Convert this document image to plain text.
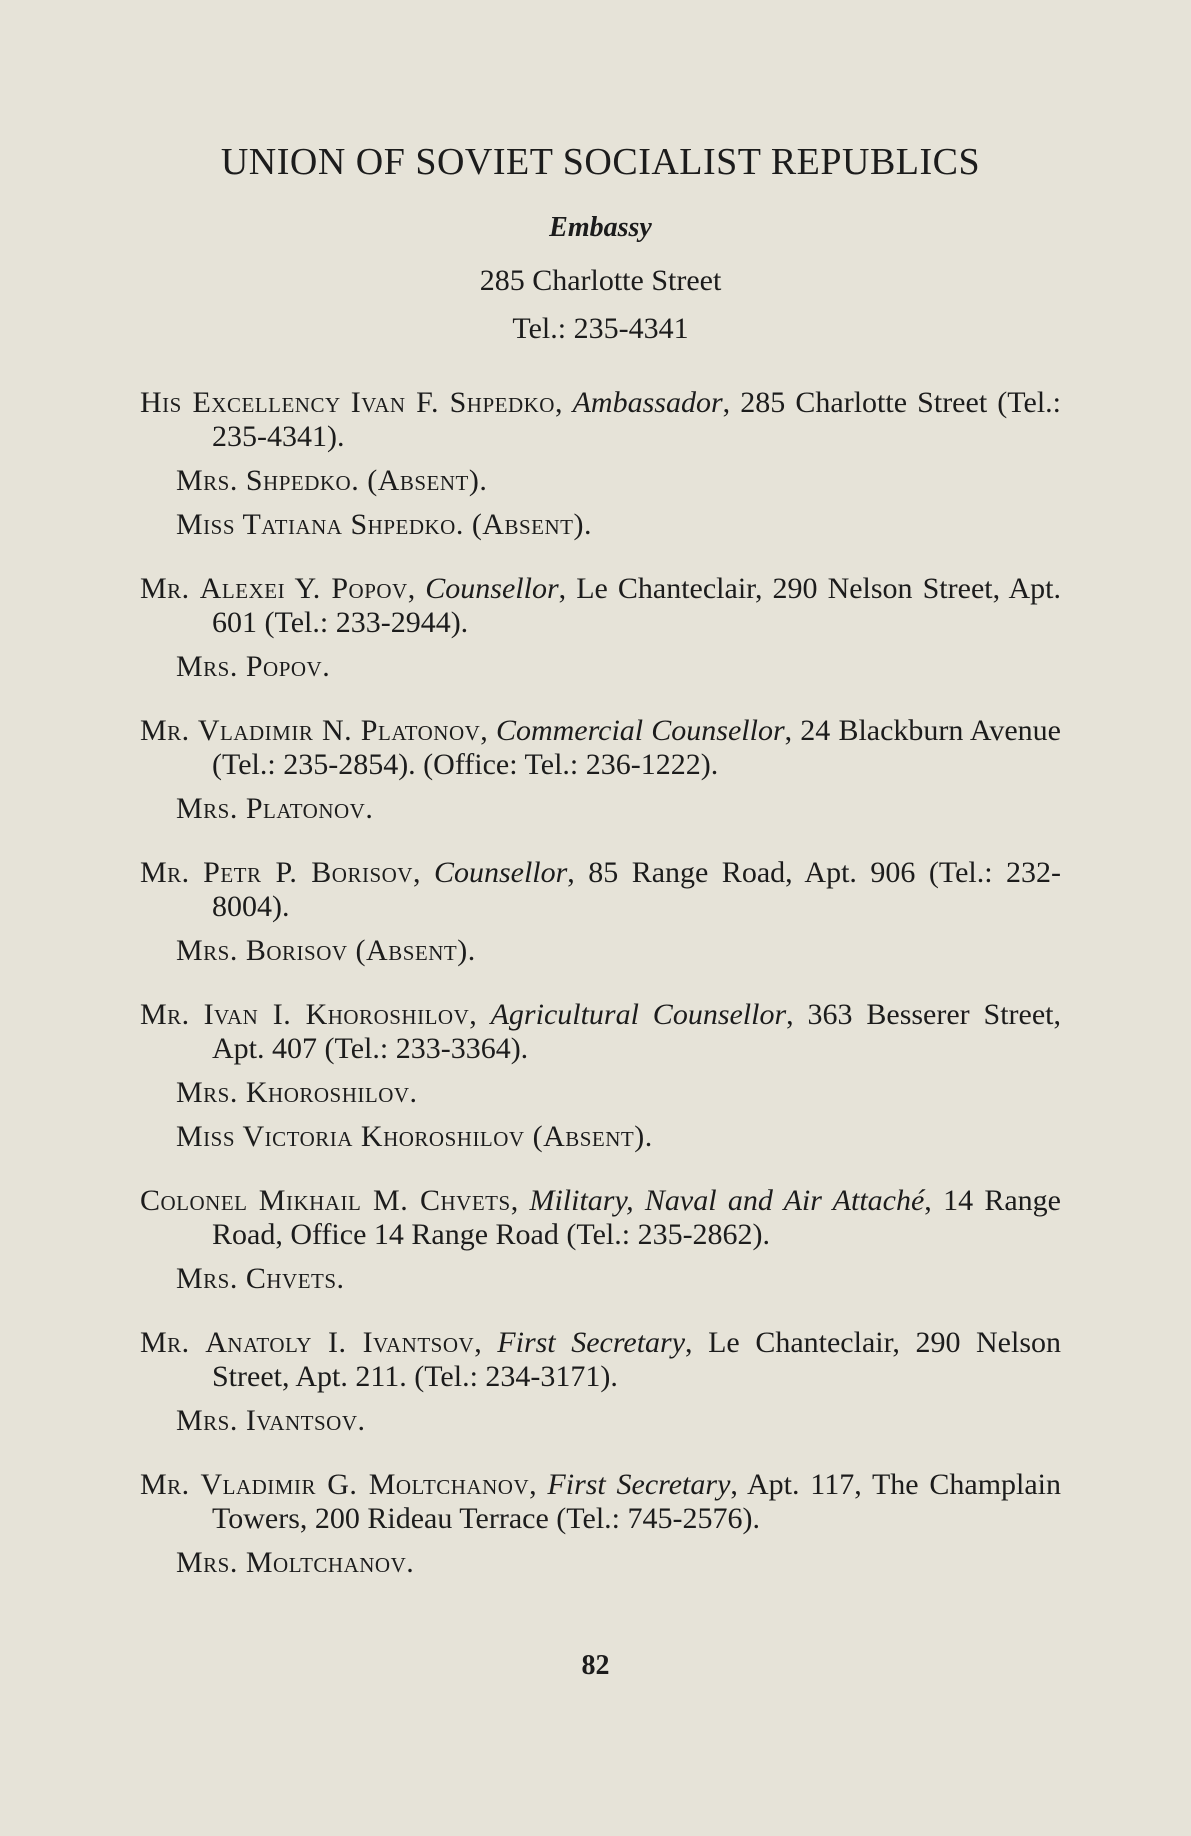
UNION OF SOVIET SOCIALIST REPUBLICS
Embassy
285 Charlotte Street
Tel.: 235-4341
His Excellency Ivan F. Shpedko, Ambassador, 285 Charlotte Street (Tel.: 235-4341).
Mrs. Shpedko. (Absent).
Miss Tatiana Shpedko. (Absent).
Mr. Alexei Y. Popov, Counsellor, Le Chanteclair, 290 Nelson Street, Apt. 601 (Tel.: 233-2944).
Mrs. Popov.
Mr. Vladimir N. Platonov, Commercial Counsellor, 24 Blackburn Avenue (Tel.: 235-2854). (Office: Tel.: 236-1222).
Mrs. Platonov.
Mr. Petr P. Borisov, Counsellor, 85 Range Road, Apt. 906 (Tel.: 232-8004).
Mrs. Borisov (Absent).
Mr. Ivan I. Khoroshilov, Agricultural Counsellor, 363 Besserer Street, Apt. 407 (Tel.: 233-3364).
Mrs. Khoroshilov.
Miss Victoria Khoroshilov (Absent).
Colonel Mikhail M. Chvets, Military, Naval and Air Attaché, 14 Range Road, Office 14 Range Road (Tel.: 235-2862).
Mrs. Chvets.
Mr. Anatoly I. Ivantsov, First Secretary, Le Chanteclair, 290 Nelson Street, Apt. 211. (Tel.: 234-3171).
Mrs. Ivantsov.
Mr. Vladimir G. Moltchanov, First Secretary, Apt. 117, The Champlain Towers, 200 Rideau Terrace (Tel.: 745-2576).
Mrs. Moltchanov.
82
